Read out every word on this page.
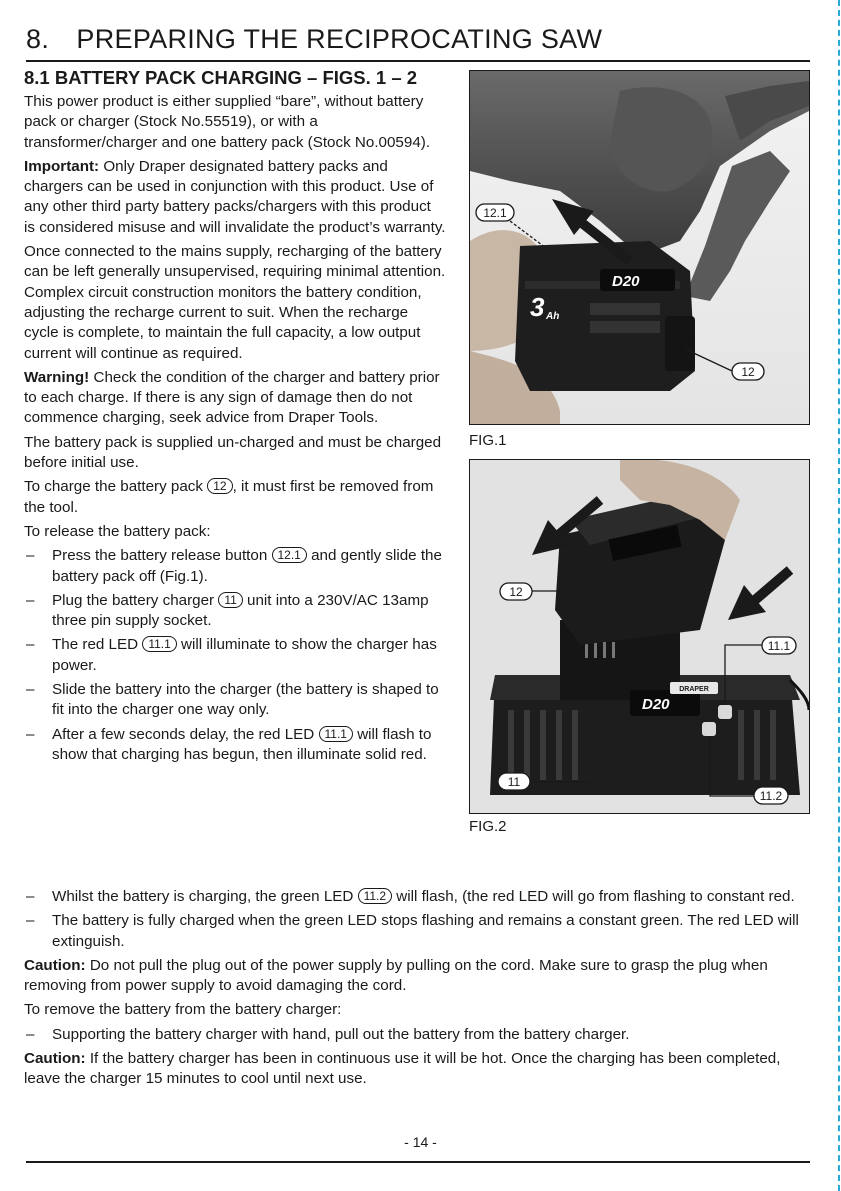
8. PREPARING THE RECIPROCATING SAW
8.1 BATTERY PACK CHARGING – FIGS. 1 – 2

This power product is either supplied “bare”, without battery pack or charger (Stock No.55519), or with a transformer/charger and one battery pack (Stock No.00594).

Important: Only Draper designated battery packs and chargers can be used in conjunction with this product. Use of any other third party battery packs/chargers with this product is considered misuse and will invalidate the product’s warranty.

Once connected to the mains supply, recharging of the battery can be left generally unsupervised, requiring minimal attention. Complex circuit construction monitors the battery condition, adjusting the recharge current to suit. When the recharge cycle is complete, to maintain the full capacity, a low output current will continue as required.

Warning! Check the condition of the charger and battery prior to each charge. If there is any sign of damage then do not commence charging, seek advice from Draper Tools.

The battery pack is supplied un-charged and must be charged before initial use.

To charge the battery pack 12 , it must first be removed from the tool.

To release the battery pack:

– Press the battery release button 12.1 and gently slide the battery pack off (Fig.1).
– Plug the battery charger 11 unit into a 230V/AC 13amp three pin supply socket.
– The red LED 11.1 will illuminate to show the charger has power.
– Slide the battery into the charger (the battery is shaped to fit into the charger one way only.
– After a few seconds delay, the red LED 11.1 will flash to show that charging has begun, then illuminate solid red.
– Whilst the battery is charging, the green LED 11.2 will flash, (the red LED will go from flashing to constant red.
– The battery is fully charged when the green LED stops flashing and remains a constant green. The red LED will extinguish.

Caution: Do not pull the plug out of the power supply by pulling on the cord. Make sure to grasp the plug when removing from power supply to avoid damaging the cord.

To remove the battery from the battery charger:

– Supporting the battery charger with hand, pull out the battery from the battery charger.

Caution: If the battery charger has been in continuous use it will be hot. Once the charging has been completed, leave the charger 15 minutes to cool until next use.

D20
3 Ah
12.1
12
FIG.1
D20
DRAPER
12
11.1
11
11.2
FIG.2
- 14 -
